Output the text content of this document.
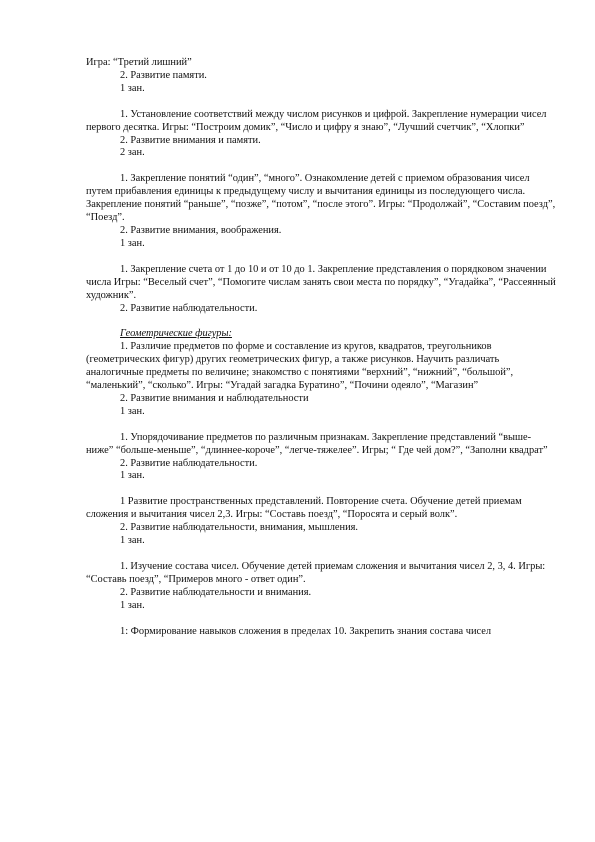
Игра: “Третий лишний”

2. Развитие памяти.

1 зан.

1. Установление соответствий между числом рисунков и цифрой. Закрепление нумерации чисел первого десятка. Игры: “Построим домик”, “Число и цифру я знаю”, “Лучший счетчик”, “Хлопки”

2. Развитие внимания и памяти.

2 зан.

1. Закрепление понятий “один”, “много”. Ознакомление детей с приемом образования чисел путем прибавления единицы к предыдущему числу и вычитания единицы из последующего числа. Закрепление понятий “раньше”, “позже”, “потом”, “после этого”. Игры: “Продолжай”, “Составим поезд”, “Поезд”.

2. Развитие внимания, воображения.

1 зан.

1. Закрепление счета от 1 до 10 и от 10 до 1. Закрепление представления о порядковом значении числа Игры: “Веселый счет”, “Помогите числам занять свои места по порядку”, “Угадайка”, “Рассеянный художник”.

2. Развитие наблюдательности.

Геометрические фигуры:

1. Различие предметов по форме и составление из кругов, квадратов, треугольников (геометрических фигур) других геометрических фигур, а также рисунков. Научить различать аналогичные предметы по величине; знакомство с понятиями “верхний”, “нижний”, “большой”, “маленький”, “сколько”. Игры: “Угадай загадка Буратино”, “Почини одеяло”, “Магазин”

2. Развитие внимания и наблюдательности

1 зан.

1. Упорядочивание предметов по различным признакам. Закрепление представлений “выше-ниже” “больше-меньше”, “длиннее-короче”, “легче-тяжелее”. Игры; “ Где чей дом?”, “Заполни квадрат”

2. Развитие наблюдательности.

1 зан.

1 Развитие пространственных представлений. Повторение счета. Обучение детей приемам сложения и вычитания чисел 2,3. Игры: “Составь поезд”, “Поросята и серый волк”.

2. Развитие наблюдательности, внимания, мышления.

1 зан.

1. Изучение состава чисел. Обучение детей приемам сложения и вычитания чисел 2, 3, 4. Игры: “Составь поезд”, “Примеров много - ответ один”.

2. Развитие наблюдательности и внимания.

1 зан.

1: Формирование навыков сложения в пределах 10. Закрепить знания состава чисел
